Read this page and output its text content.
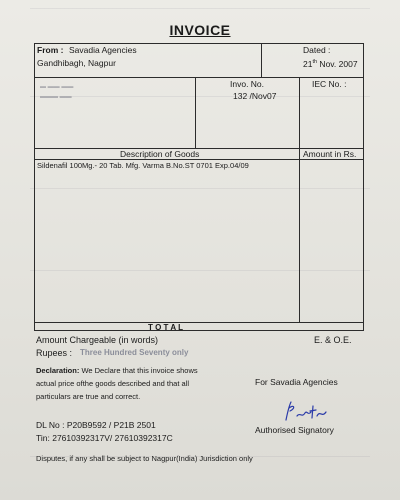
INVOICE
From : Savadia Agencies
Gandhibagh, Nagpur
Dated :
21th Nov. 2007
Invo. No.
132 /Nov07
IEC No. :
▬ ▬▬ ▬▬
▬▬▬ ▬▬
Description of Goods	Amount in Rs.
Sildenafil 100Mg.- 20 Tab. Mfg. Varma B.No.ST 0701 Exp.04/09
T O T A L
Amount Chargeable (in words)	E. & O.E.
Rupees : Three Hundred Seventy only
Declaration: We Declare that this invoice shows
actual price ofthe goods described and that all
particulars are true and correct.
For Savadia Agencies
Authorised Signatory
DL No : P20B9592 / P21B 2501
Tin: 27610392317V/ 27610392317C
Disputes, if any shall be subject to Nagpur(India) Jurisdiction only
